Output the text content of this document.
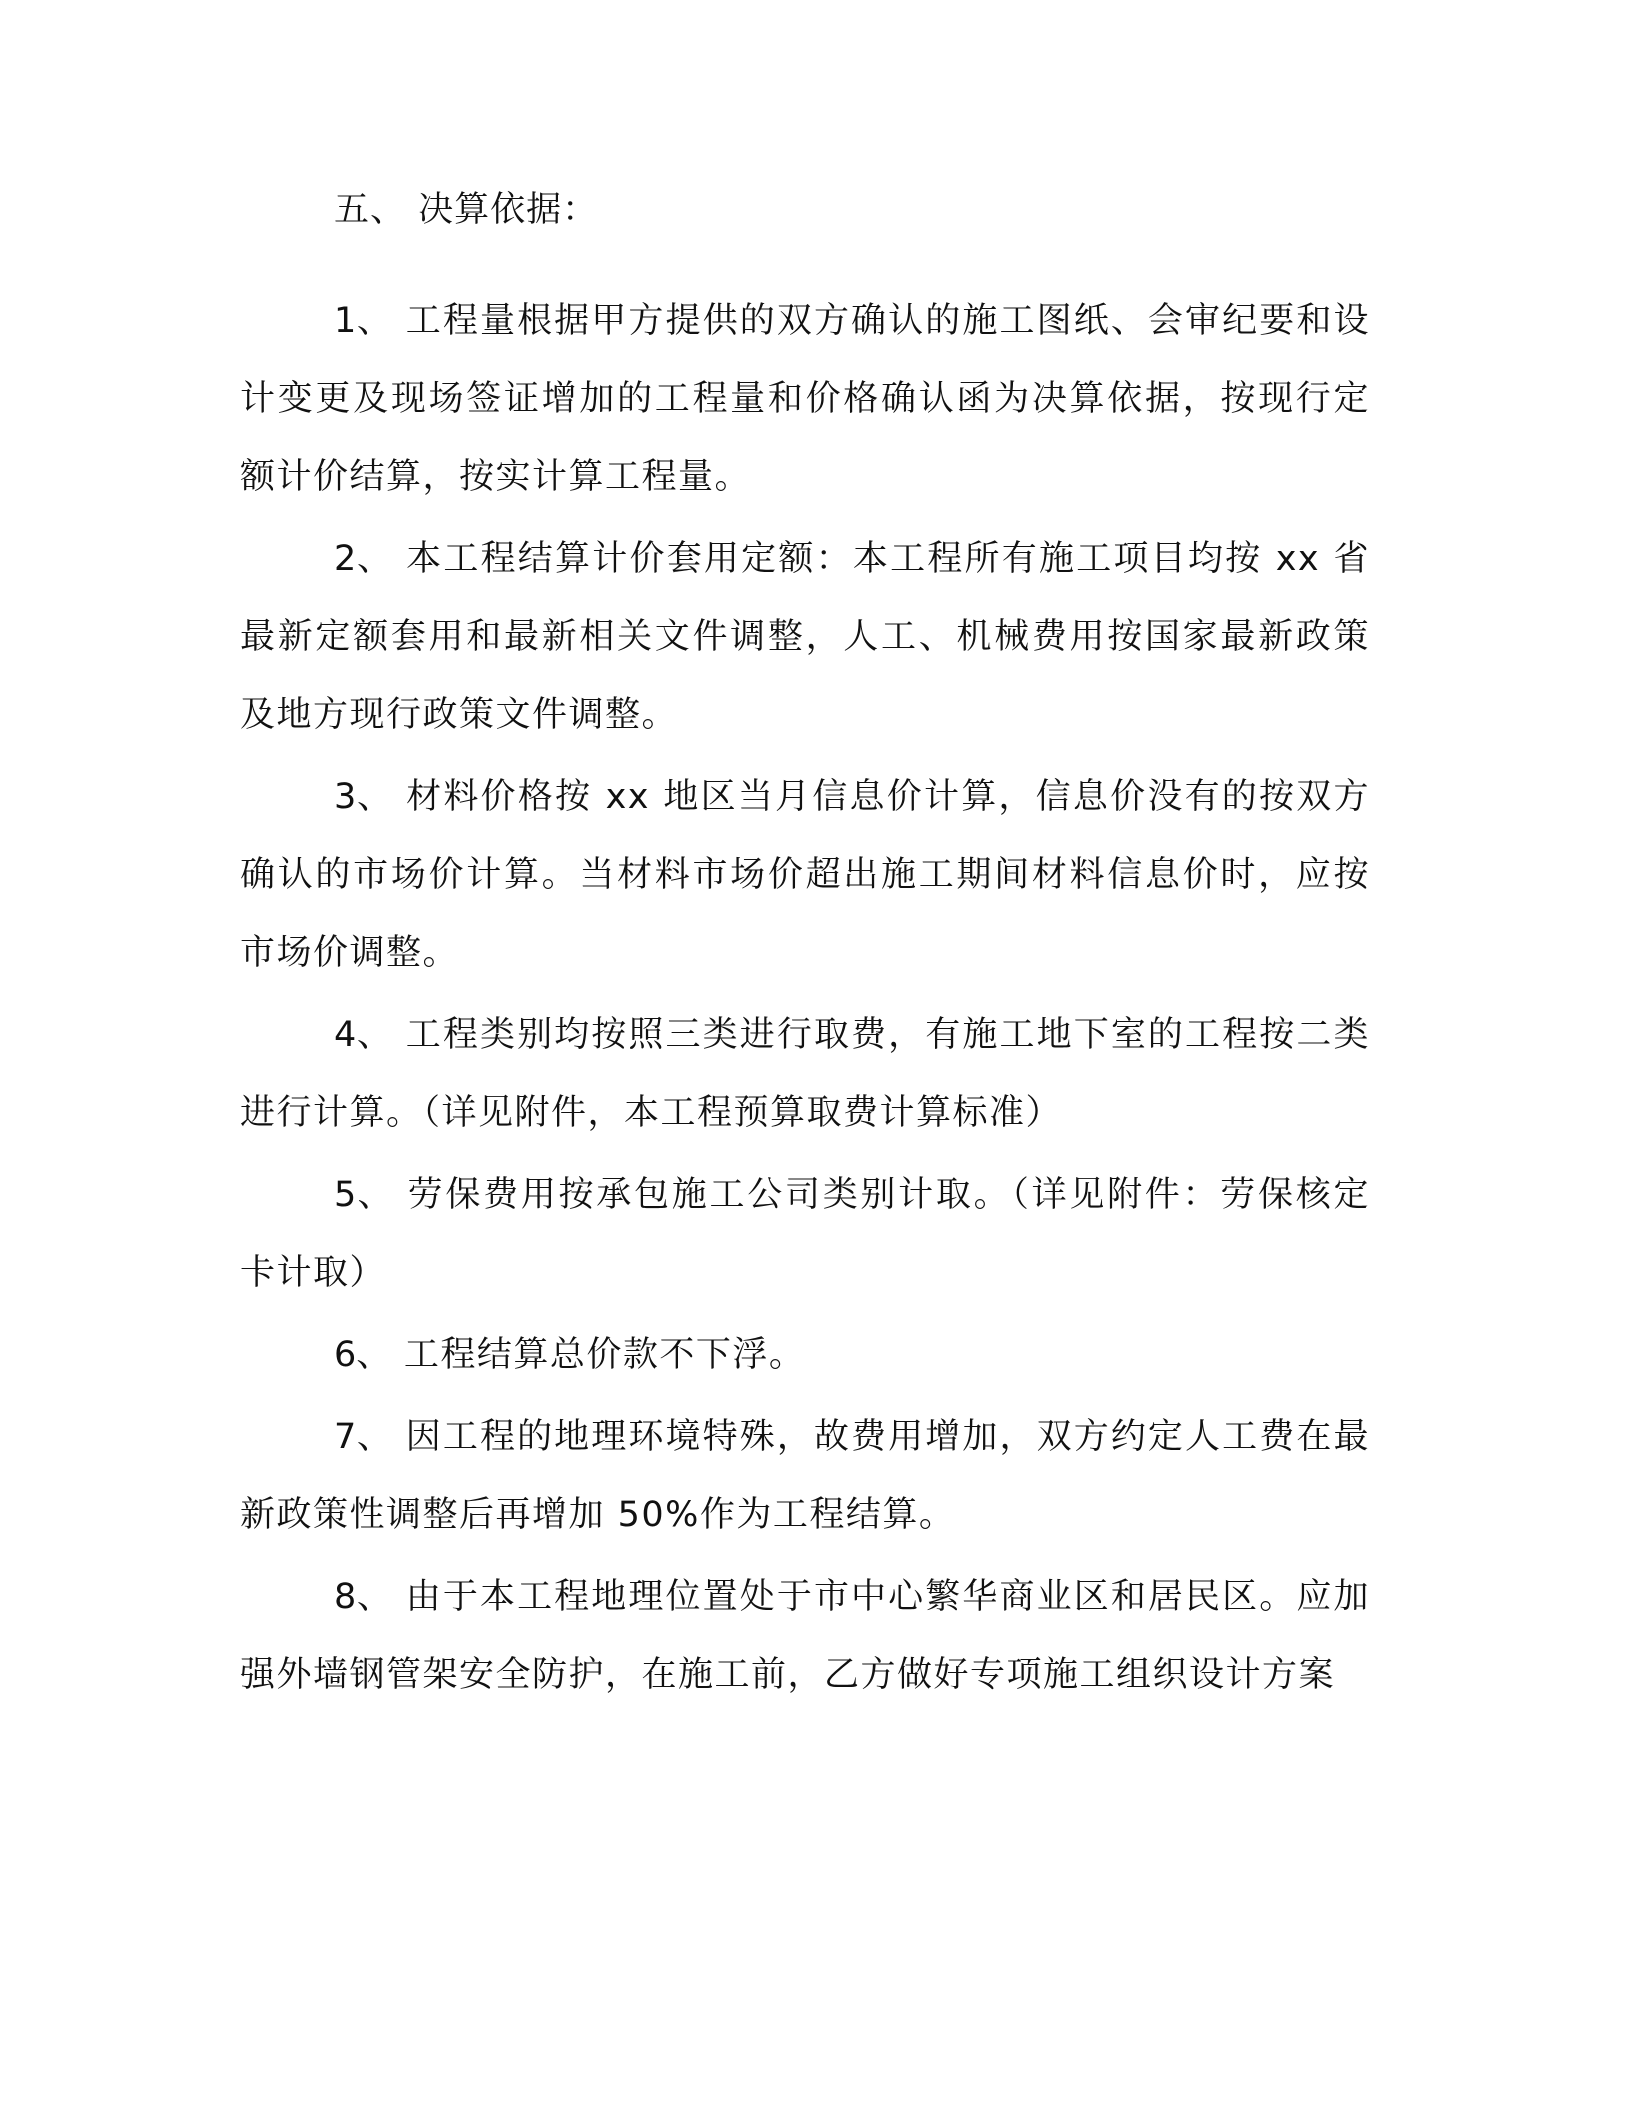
五、 决算依据：

1、 工程量根据甲方提供的双方确认的施工图纸、会审纪要和设计变更及现场签证增加的工程量和价格确认函为决算依据，按现行定额计价结算，按实计算工程量。

2、 本工程结算计价套用定额：本工程所有施工项目均按 xx 省最新定额套用和最新相关文件调整，人工、机械费用按国家最新政策及地方现行政策文件调整。

3、 材料价格按 xx 地区当月信息价计算，信息价没有的按双方确认的市场价计算。当材料市场价超出施工期间材料信息价时，应按市场价调整。

4、 工程类别均按照三类进行取费，有施工地下室的工程按二类进行计算。（详见附件，本工程预算取费计算标准）

5、 劳保费用按承包施工公司类别计取。（详见附件：劳保核定卡计取）

6、 工程结算总价款不下浮。

7、 因工程的地理环境特殊，故费用增加，双方约定人工费在最新政策性调整后再增加 50%作为工程结算。

8、 由于本工程地理位置处于市中心繁华商业区和居民区。应加强外墙钢管架安全防护，在施工前，乙方做好专项施工组织设计方案
